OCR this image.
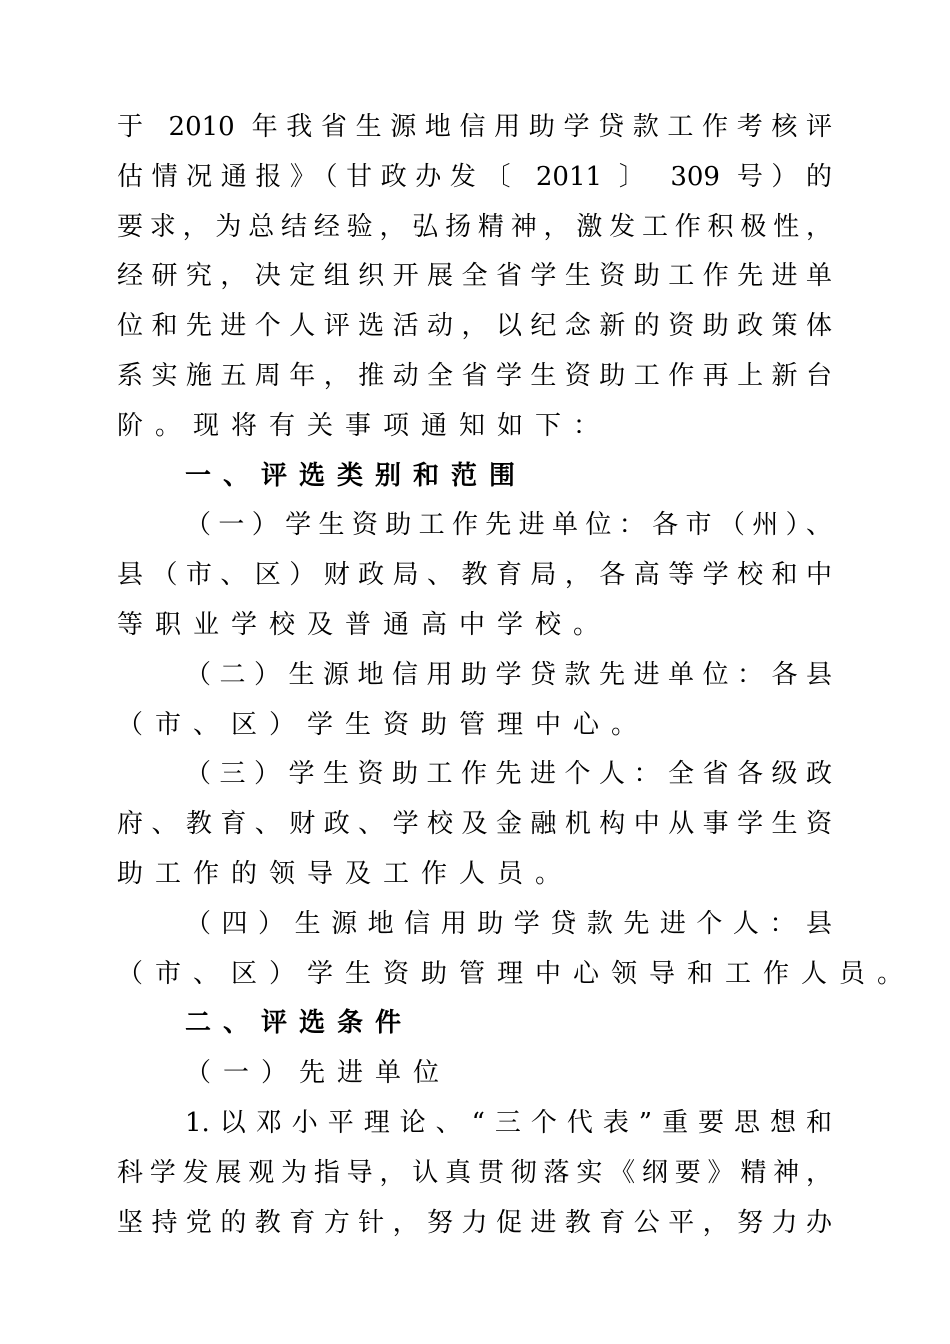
于 2010 年我省生源地信用助学贷款工作考核评
估情况通报》（甘政办发〔 2011 〕 309 号）的
要求，为总结经验，弘扬精神，激发工作积极性，
经研究，决定组织开展全省学生资助工作先进单
位和先进个人评选活动，以纪念新的资助政策体
系实施五周年，推动全省学生资助工作再上新台
阶。现将有关事项通知如下：
一、评选类别和范围
（一）学生资助工作先进单位：各市（州）、
县（市、区）财政局、教育局，各高等学校和中
等职业学校及普通高中学校。
（二）生源地信用助学贷款先进单位：各县
（市、区）学生资助管理中心。
（三）学生资助工作先进个人：全省各级政
府、教育、财政、学校及金融机构中从事学生资
助工作的领导及工作人员。
（四）生源地信用助学贷款先进个人：县
（市、区）学生资助管理中心领导和工作人员。
二、评选条件
（一）先进单位
1.以邓小平理论、“三个代表”重要思想和
科学发展观为指导，认真贯彻落实《纲要》精神，
坚持党的教育方针，努力促进教育公平，努力办
